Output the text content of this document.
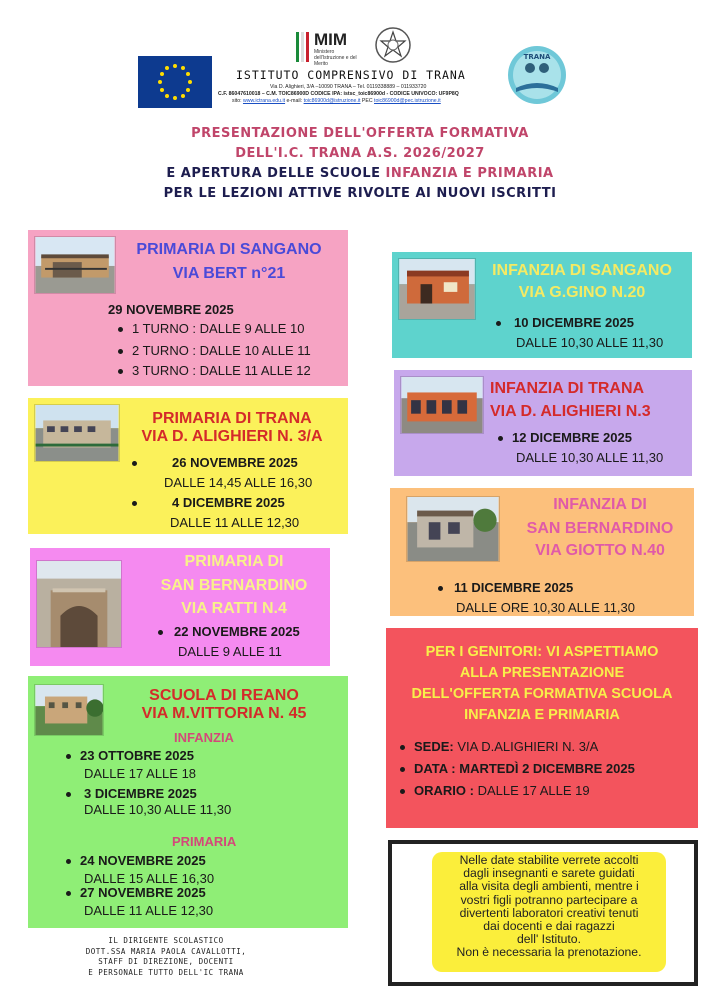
MIM
Ministero dell'Istruzione e del Merito
ISTITUTO COMPRENSIVO DI TRANA
Via D. Alighieri, 3/A –10090 TRANA – Tel. 0119338889 – 011933720
C.F. 86047610018 – C.M. TOIC86900D CODICE IPA: istsc_toic86900d - CODICE UNIVOCO: UF9P8Q
sito: www.ictrana.edu.it e-mail: toic86900d@istruzione.it PEC toic86900d@pec.istruzione.it
TRANA
PRESENTAZIONE DELL'OFFERTA FORMATIVA
DELL'I.C. TRANA A.S. 2026/2027
E APERTURA DELLE SCUOLE INFANZIA E PRIMARIA
PER LE LEZIONI ATTIVE RIVOLTE AI NUOVI ISCRITTI
PRIMARIA DI SANGANO
VIA BERT n°21
29 NOVEMBRE 2025
1 TURNO : DALLE 9 ALLE 10
2 TURNO : DALLE 10 ALLE 11
3 TURNO : DALLE 11 ALLE 12
PRIMARIA DI TRANA
VIA D. ALIGHIERI N. 3/A
26 NOVEMBRE 2025
DALLE 14,45 ALLE 16,30
4 DICEMBRE 2025
DALLE 11 ALLE 12,30
PRIMARIA DI
SAN BERNARDINO
VIA RATTI N.4
22 NOVEMBRE 2025
DALLE 9 ALLE 11
SCUOLA DI REANO
VIA M.VITTORIA N. 45
INFANZIA
23 OTTOBRE 2025
DALLE 17 ALLE 18
3 DICEMBRE 2025
DALLE 10,30 ALLE 11,30
PRIMARIA
24 NOVEMBRE 2025
DALLE 15 ALLE 16,30
27 NOVEMBRE 2025
DALLE 11 ALLE 12,30
INFANZIA DI SANGANO
VIA G.GINO N.20
10 DICEMBRE 2025
DALLE 10,30 ALLE 11,30
INFANZIA DI TRANA
VIA D. ALIGHIERI N.3
12 DICEMBRE 2025
DALLE 10,30 ALLE 11,30
INFANZIA DI
SAN BERNARDINO
VIA GIOTTO N.40
11 DICEMBRE 2025
DALLE ORE 10,30 ALLE 11,30
PER I GENITORI: VI ASPETTIAMO
ALLA PRESENTAZIONE
DELL'OFFERTA FORMATIVA SCUOLA
INFANZIA E PRIMARIA
SEDE: VIA D.ALIGHIERI N. 3/A
DATA : MARTEDÌ 2 DICEMBRE 2025
ORARIO : DALLE 17 ALLE 19
Nelle date stabilite verrete accolti
dagli insegnanti e sarete guidati
alla visita degli ambienti, mentre i
vostri figli potranno partecipare a
divertenti laboratori creativi tenuti
dai docenti e dai ragazzi
dell' Istituto.
Non è necessaria la prenotazione.
IL DIRIGENTE SCOLASTICO
DOTT.SSA MARIA PAOLA CAVALLOTTI,
STAFF DI DIREZIONE, DOCENTI
E PERSONALE TUTTO DELL'IC TRANA
